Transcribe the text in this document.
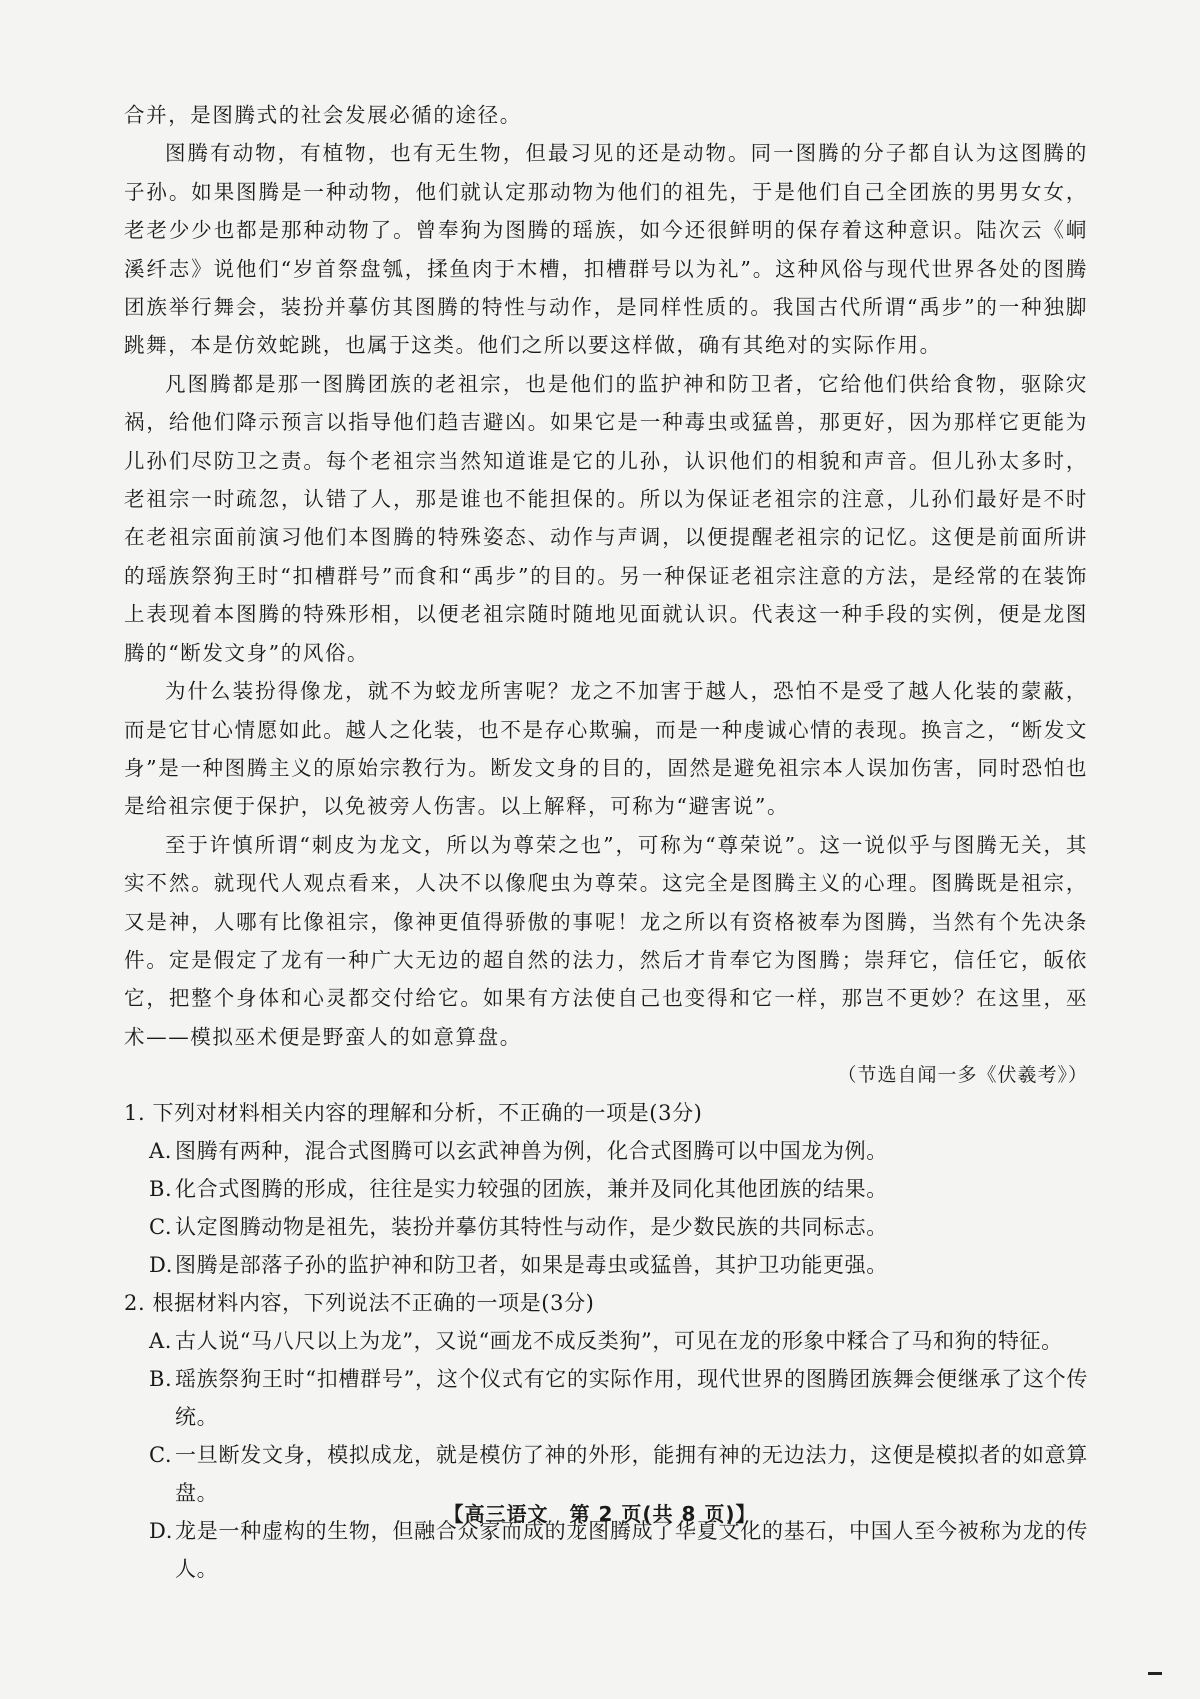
合并，是图腾式的社会发展必循的途径。

图腾有动物，有植物，也有无生物，但最习见的还是动物。同一图腾的分子都自认为这图腾的子孙。如果图腾是一种动物，他们就认定那动物为他们的祖先，于是他们自己全团族的男男女女，老老少少也都是那种动物了。曾奉狗为图腾的瑶族，如今还很鲜明的保存着这种意识。陆次云《峒溪纤志》说他们“岁首祭盘瓠，揉鱼肉于木槽，扣槽群号以为礼”。这种风俗与现代世界各处的图腾团族举行舞会，装扮并摹仿其图腾的特性与动作，是同样性质的。我国古代所谓“禹步”的一种独脚跳舞，本是仿效蛇跳，也属于这类。他们之所以要这样做，确有其绝对的实际作用。

凡图腾都是那一图腾团族的老祖宗，也是他们的监护神和防卫者，它给他们供给食物，驱除灾祸，给他们降示预言以指导他们趋吉避凶。如果它是一种毒虫或猛兽，那更好，因为那样它更能为儿孙们尽防卫之责。每个老祖宗当然知道谁是它的儿孙，认识他们的相貌和声音。但儿孙太多时，老祖宗一时疏忽，认错了人，那是谁也不能担保的。所以为保证老祖宗的注意，儿孙们最好是不时在老祖宗面前演习他们本图腾的特殊姿态、动作与声调，以便提醒老祖宗的记忆。这便是前面所讲的瑶族祭狗王时“扣槽群号”而食和“禹步”的目的。另一种保证老祖宗注意的方法，是经常的在装饰上表现着本图腾的特殊形相，以便老祖宗随时随地见面就认识。代表这一种手段的实例，便是龙图腾的“断发文身”的风俗。

为什么装扮得像龙，就不为蛟龙所害呢？龙之不加害于越人，恐怕不是受了越人化装的蒙蔽，而是它甘心情愿如此。越人之化装，也不是存心欺骗，而是一种虔诚心情的表现。换言之，“断发文身”是一种图腾主义的原始宗教行为。断发文身的目的，固然是避免祖宗本人误加伤害，同时恐怕也是给祖宗便于保护，以免被旁人伤害。以上解释，可称为“避害说”。

至于许慎所谓“刺皮为龙文，所以为尊荣之也”，可称为“尊荣说”。这一说似乎与图腾无关，其实不然。就现代人观点看来，人决不以像爬虫为尊荣。这完全是图腾主义的心理。图腾既是祖宗，又是神，人哪有比像祖宗，像神更值得骄傲的事呢！龙之所以有资格被奉为图腾，当然有个先决条件。定是假定了龙有一种广大无边的超自然的法力，然后才肯奉它为图腾；崇拜它，信任它，皈依它，把整个身体和心灵都交付给它。如果有方法使自己也变得和它一样，那岂不更妙？在这里，巫术——模拟巫术便是野蛮人的如意算盘。

（节选自闻一多《伏羲考》）

1. 下列对材料相关内容的理解和分析，不正确的一项是(3分)

A. 图腾有两种，混合式图腾可以玄武神兽为例，化合式图腾可以中国龙为例。
B. 化合式图腾的形成，往往是实力较强的团族，兼并及同化其他团族的结果。
C. 认定图腾动物是祖先，装扮并摹仿其特性与动作，是少数民族的共同标志。
D. 图腾是部落子孙的监护神和防卫者，如果是毒虫或猛兽，其护卫功能更强。

2. 根据材料内容，下列说法不正确的一项是(3分)

A. 古人说“马八尺以上为龙”，又说“画龙不成反类狗”，可见在龙的形象中糅合了马和狗的特征。
B. 瑶族祭狗王时“扣槽群号”，这个仪式有它的实际作用，现代世界的图腾团族舞会便继承了这个传统。
C. 一旦断发文身，模拟成龙，就是模仿了神的外形，能拥有神的无边法力，这便是模拟者的如意算盘。
D. 龙是一种虚构的生物，但融合众家而成的龙图腾成了华夏文化的基石，中国人至今被称为龙的传人。
【高三语文　第 2 页(共 8 页)】
